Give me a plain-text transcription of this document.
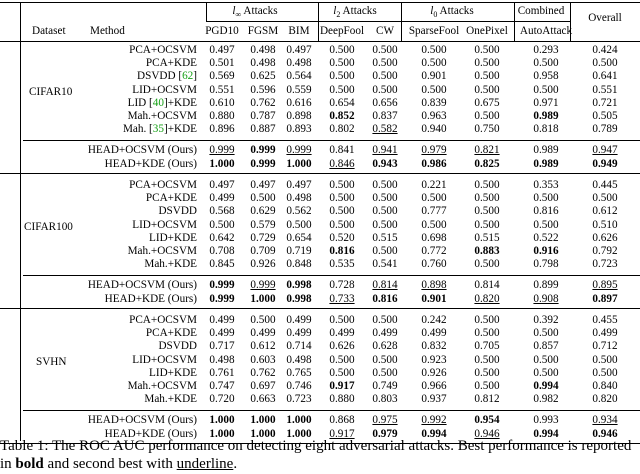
$l_\infty$ Attacks	$l_2$ Attacks	$l_0$ Attacks	Combined
Overall
Dataset Method	PGD10 FGSM BIM DeepFool CW SparseFool OnePixel AutoAttack
CIFAR10
PCA+OCSVM 0.497 0.498 0.497 0.500 0.500 0.500 0.500	0.293	0.424
PCA+KDE 0.501 0.498 0.498 0.500 0.500 0.500 0.500	0.500	0.500
DSVDD [62] 0.569 0.625 0.564 0.500 0.500 0.901 0.500	0.958	0.641
LID+OCSVM 0.551 0.596 0.559 0.500 0.500 0.500 0.500	0.500	0.551
LID [40]+KDE 0.610 0.762 0.616 0.654 0.656 0.839 0.675	0.971	0.721
Mah.+OCSVM 0.880 0.787 0.898 0.852 0.837 0.963 0.500	0.989	0.505
Mah. [35]+KDE 0.896 0.887 0.893 0.802 0.582 0.940 0.750	0.818	0.789
HEAD+OCSVM (Ours) 0.999 0.999 0.999 0.841 0.941 0.979 0.821	0.989	0.947
HEAD+KDE (Ours) 1.000 0.999 1.000 0.846 0.943 0.986 0.825	0.989	0.949
CIFAR100
PCA+OCSVM 0.497 0.497 0.497 0.500 0.500 0.221 0.500	0.353	0.445
PCA+KDE 0.499 0.500 0.498 0.500 0.500 0.500 0.500	0.500	0.500
DSVDD 0.568 0.629 0.562 0.500 0.500 0.777 0.500	0.816	0.612
LID+OCSVM 0.500 0.579 0.500 0.500 0.500 0.500 0.500	0.500	0.510
LID+KDE 0.642 0.729 0.654 0.520 0.515 0.698 0.515	0.522	0.626
Mah.+OCSVM 0.708 0.709 0.719 0.816 0.500 0.772 0.883	0.916	0.792
Mah.+KDE 0.845 0.926 0.848 0.535 0.541 0.760 0.500	0.798	0.723
HEAD+OCSVM (Ours) 0.999 0.999 0.998 0.728 0.814 0.898 0.814	0.899	0.895
HEAD+KDE (Ours) 0.999 1.000 0.998 0.733 0.816 0.901 0.820	0.908	0.897
SVHN
PCA+OCSVM 0.499 0.500 0.499 0.500 0.500 0.242 0.500	0.392	0.455
PCA+KDE 0.499 0.499 0.499 0.499 0.499 0.499 0.500	0.500	0.499
DSVDD 0.717 0.612 0.714 0.626 0.628 0.832 0.705	0.857	0.712
LID+OCSVM 0.498 0.603 0.498 0.500 0.500 0.923 0.500	0.500	0.500
LID+KDE 0.761 0.762 0.765 0.500 0.500 0.926 0.500	0.500	0.500
Mah.+OCSVM 0.747 0.697 0.746 0.917 0.749 0.966 0.500	0.994	0.840
Mah.+KDE 0.720 0.663 0.723 0.880 0.803 0.937 0.812	0.982	0.820
HEAD+OCSVM (Ours) 1.000 1.000 1.000 0.868 0.975 0.992 0.954	0.993	0.934
HEAD+KDE (Ours) 1.000 1.000 1.000 0.917 0.979 0.994 0.946	0.994	0.946
Table 1: The ROC AUC performance on detecting eight adversarial attacks. Best performance is reported in bold and second best with underline.
